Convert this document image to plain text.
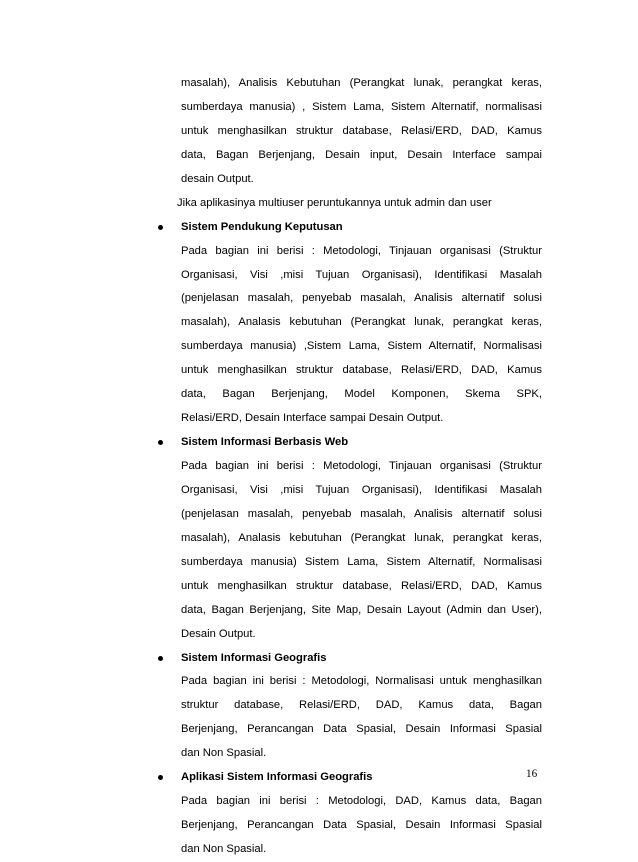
masalah), Analisis Kebutuhan (Perangkat lunak, perangkat keras,
sumberdaya manusia) , Sistem Lama, Sistem Alternatif, normalisasi
untuk menghasilkan struktur database, Relasi/ERD, DAD, Kamus
data, Bagan Berjenjang, Desain input, Desain Interface sampai
desain Output.
Jika aplikasinya multiuser peruntukannya untuk admin dan user
Sistem Pendukung Keputusan
Pada bagian ini berisi : Metodologi, Tinjauan organisasi (Struktur
Organisasi, Visi ,misi Tujuan Organisasi), Identifikasi Masalah
(penjelasan masalah, penyebab masalah, Analisis alternatif solusi
masalah), Analasis kebutuhan (Perangkat lunak, perangkat keras,
sumberdaya manusia) ,Sistem Lama, Sistem Alternatif, Normalisasi
untuk menghasilkan struktur database, Relasi/ERD, DAD, Kamus
data, Bagan Berjenjang, Model Komponen, Skema SPK,
Relasi/ERD, Desain Interface sampai Desain Output.
Sistem Informasi Berbasis Web
Pada bagian ini berisi : Metodologi, Tinjauan organisasi (Struktur
Organisasi, Visi ,misi Tujuan Organisasi), Identifikasi Masalah
(penjelasan masalah, penyebab masalah, Analisis alternatif solusi
masalah), Analasis kebutuhan (Perangkat lunak, perangkat keras,
sumberdaya manusia) Sistem Lama, Sistem Alternatif, Normalisasi
untuk menghasilkan struktur database, Relasi/ERD, DAD, Kamus
data, Bagan Berjenjang, Site Map, Desain Layout (Admin dan User),
Desain Output.
Sistem Informasi Geografis
Pada bagian ini berisi : Metodologi, Normalisasi untuk menghasilkan
struktur database, Relasi/ERD, DAD, Kamus data, Bagan
Berjenjang, Perancangan Data Spasial, Desain Informasi Spasial
dan Non Spasial.
Aplikasi Sistem Informasi Geografis
Pada bagian ini berisi : Metodologi, DAD, Kamus data, Bagan
Berjenjang, Perancangan Data Spasial, Desain Informasi Spasial
dan Non Spasial.
16
